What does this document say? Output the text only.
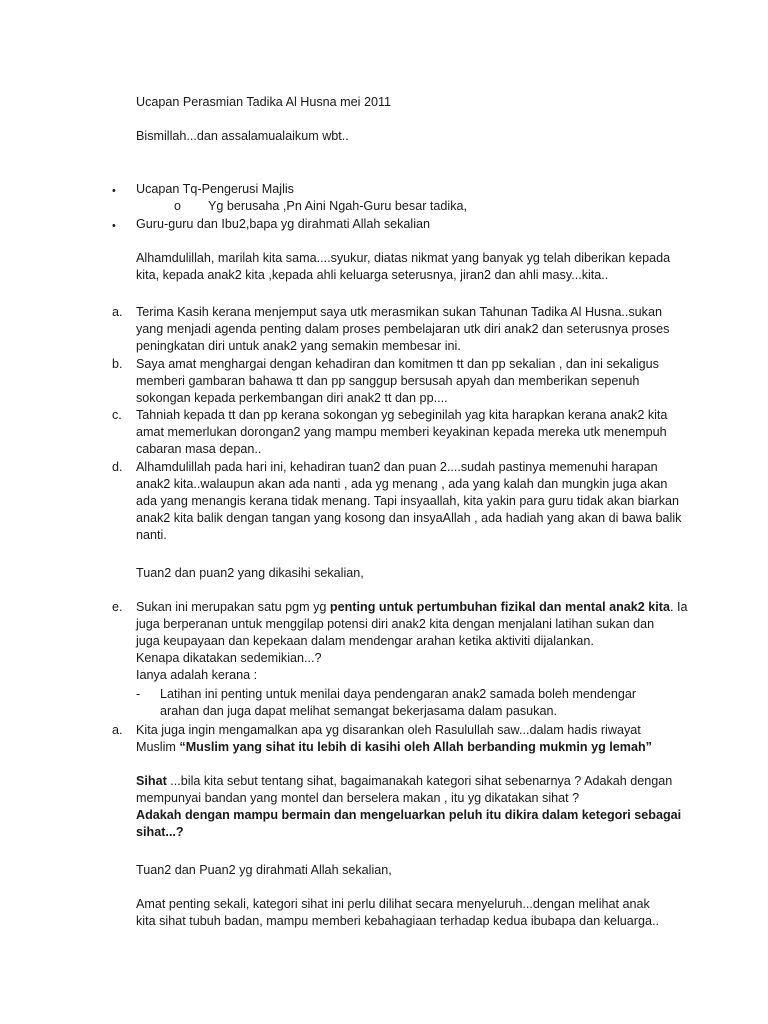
Ucapan Perasmian Tadika Al Husna mei 2011

Bismillah...dan assalamualaikum wbt..

• Ucapan Tq-Pengerusi Majlis

o Yg berusaha ,Pn Aini Ngah-Guru besar tadika,

• Guru-guru dan Ibu2,bapa yg dirahmati Allah sekalian

Alhamdulillah, marilah kita sama....syukur, diatas nikmat yang banyak yg telah diberikan kepada
kita, kepada anak2 kita ,kepada ahli keluarga seterusnya, jiran2 dan ahli masy...kita..

a. Terima Kasih kerana menjemput saya utk merasmikan sukan Tahunan Tadika Al Husna..sukan
yang menjadi agenda penting dalam proses pembelajaran utk diri anak2 dan seterusnya proses
peningkatan diri untuk anak2 yang semakin membesar ini.

b. Saya amat menghargai dengan kehadiran dan komitmen tt dan pp sekalian , dan ini sekaligus
memberi gambaran bahawa tt dan pp sanggup bersusah apyah dan memberikan sepenuh
sokongan kepada perkembangan diri anak2 tt dan pp....

c. Tahniah kepada tt dan pp kerana sokongan yg sebeginilah yag kita harapkan kerana anak2 kita
amat memerlukan dorongan2 yang mampu memberi keyakinan kepada mereka utk menempuh
cabaran masa depan..

d. Alhamdulillah pada hari ini, kehadiran tuan2 dan puan 2....sudah pastinya memenuhi harapan
anak2 kita..walaupun akan ada nanti , ada yg menang , ada yang kalah dan mungkin juga akan
ada yang menangis kerana tidak menang. Tapi insyaallah, kita yakin para guru tidak akan biarkan
anak2 kita balik dengan tangan yang kosong dan insyaAllah , ada hadiah yang akan di bawa balik
nanti.

Tuan2 dan puan2 yang dikasihi sekalian,

e. Sukan ini merupakan satu pgm yg penting untuk pertumbuhan fizikal dan mental anak2 kita. Ia

juga berperanan untuk menggilap potensi diri anak2 kita dengan menjalani latihan sukan dan
juga keupayaan dan kepekaan dalam mendengar arahan ketika aktiviti dijalankan.
Kenapa dikatakan sedemikian...?
Ianya adalah kerana :

- Latihan ini penting untuk menilai daya pendengaran anak2 samada boleh mendengar
arahan dan juga dapat melihat semangat bekerjasama dalam pasukan.

a. Kita juga ingin mengamalkan apa yg disarankan oleh Rasulullah saw...dalam hadis riwayat

Muslim “Muslim yang sihat itu lebih di kasihi oleh Allah berbanding mukmin yg lemah”

Sihat ...bila kita sebut tentang sihat, bagaimanakah kategori sihat sebenarnya ? Adakah dengan
mempunyai bandan yang montel dan berselera makan , itu yg dikatakan sihat ?

Adakah dengan mampu bermain dan mengeluarkan peluh itu dikira dalam ketegori sebagai
sihat...?

Tuan2 dan Puan2 yg dirahmati Allah sekalian,

Amat penting sekali, kategori sihat ini perlu dilihat secara menyeluruh...dengan melihat anak
kita sihat tubuh badan, mampu memberi kebahagiaan terhadap kedua ibubapa dan keluarga..
